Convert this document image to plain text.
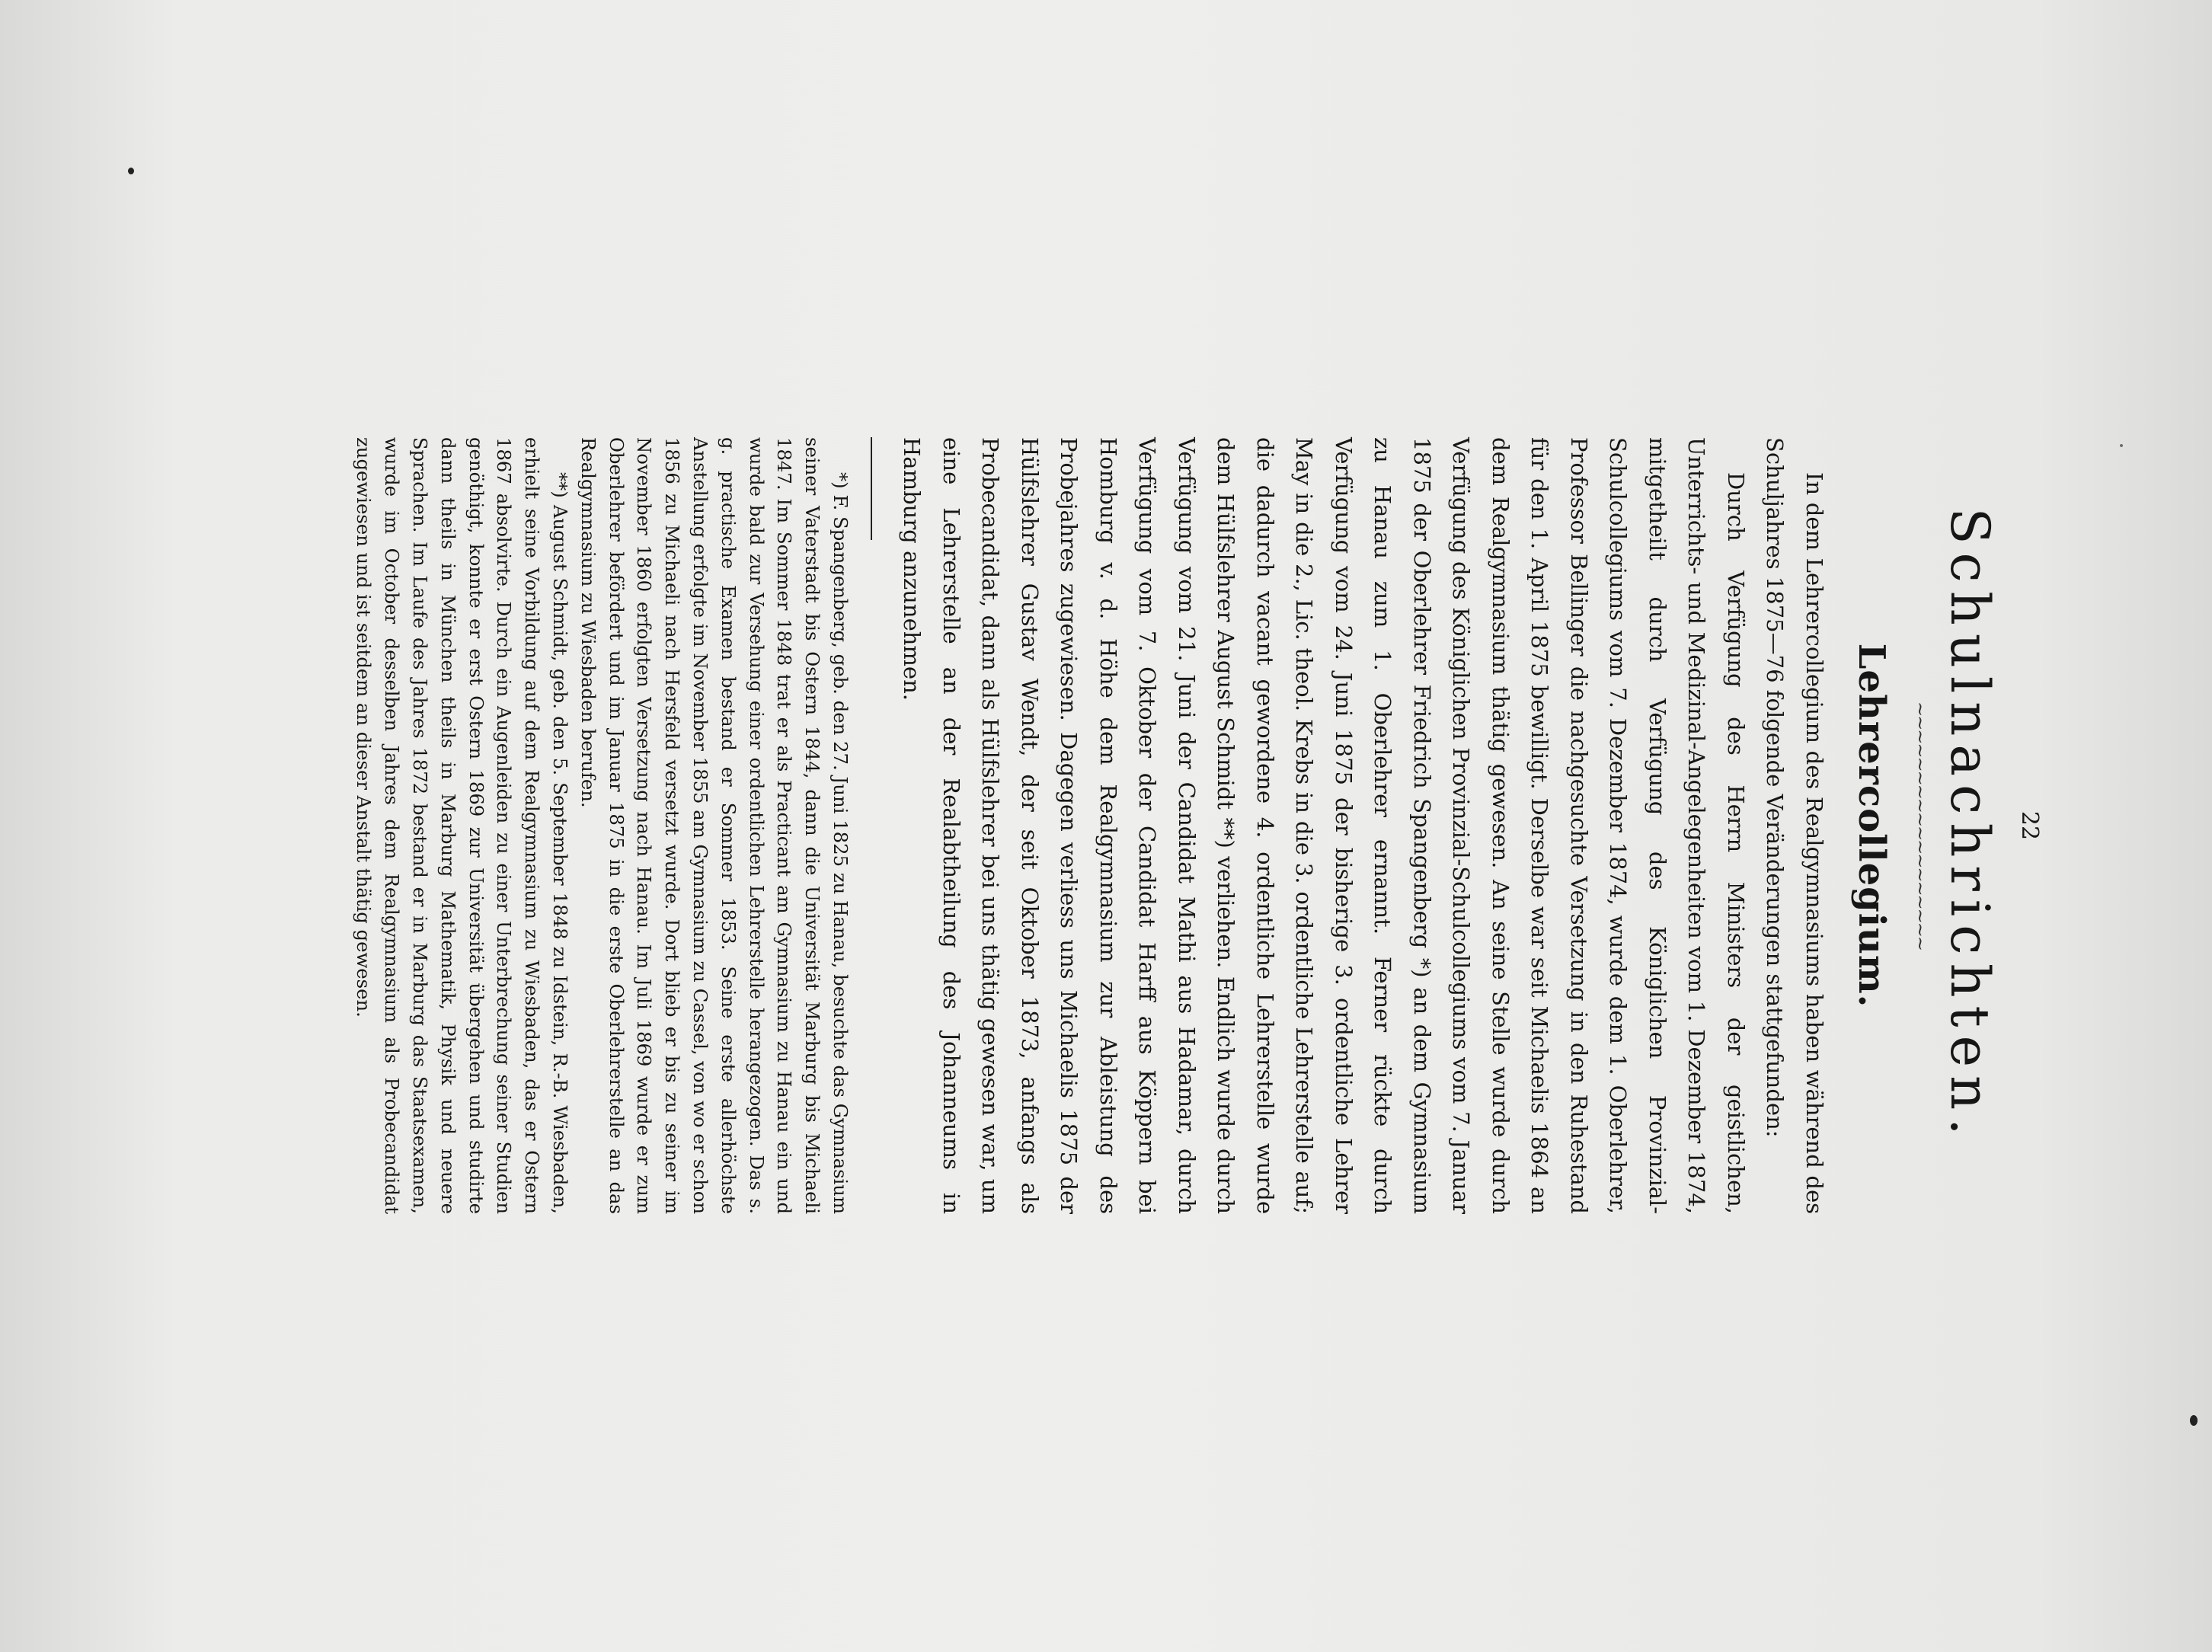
22
Schulnachrichten.
~~~~~~~~~~~~~~~~~~
Lehrercollegium.

In dem Lehrercollegium des Realgymnasiums haben während des Schuljahres 1875—76 folgende Veränderungen stattgefunden:

Durch Verfügung des Herrn Ministers der geistlichen, Unterrichts- und Medizinal-Angelegenheiten vom 1. Dezember 1874, mitgetheilt durch Verfügung des Königlichen Provinzial-Schulcollegiums vom 7. Dezember 1874, wurde dem 1. Oberlehrer, Professor Bellinger die nachgesuchte Versetzung in den Ruhestand für den 1. April 1875 bewilligt. Derselbe war seit Michaelis 1864 an dem Realgymnasium thätig gewesen. An seine Stelle wurde durch Verfügung des Königlichen Provinzial-Schulcollegiums vom 7. Januar 1875 der Oberlehrer Friedrich Spangenberg *) an dem Gymnasium zu Hanau zum 1. Oberlehrer ernannt. Ferner rückte durch Verfügung vom 24. Juni 1875 der bisherige 3. ordentliche Lehrer May in die 2., Lic. theol. Krebs in die 3. ordentliche Lehrerstelle auf; die dadurch vacant gewordene 4. ordentliche Lehrerstelle wurde dem Hülfslehrer August Schmidt **) verliehen. Endlich wurde durch Verfügung vom 21. Juni der Candidat Mathi aus Hadamar, durch Verfügung vom 7. Oktober der Candidat Harff aus Köppern bei Homburg v. d. Höhe dem Realgymnasium zur Ableistung des Probejahres zugewiesen. Dagegen verliess uns Michaelis 1875 der Hülfslehrer Gustav Wendt, der seit Oktober 1873, anfangs als Probecandidat, dann als Hülfslehrer bei uns thätig gewesen war, um eine Lehrerstelle an der Realabtheilung des Johanneums in Hamburg anzunehmen.

*) F. Spangenberg, geb. den 27. Juni 1825 zu Hanau, besuchte das Gymnasium seiner Vaterstadt bis Ostern 1844, dann die Universität Marburg bis Michaeli 1847. Im Sommer 1848 trat er als Practicant am Gymnasium zu Hanau ein und wurde bald zur Versehung einer ordentlichen Lehrerstelle herangezogen. Das s. g. practische Examen bestand er Sommer 1853. Seine erste allerhöchste Anstellung erfolgte im November 1855 am Gymnasium zu Cassel, von wo er schon 1856 zu Michaeli nach Hersfeld versetzt wurde. Dort blieb er bis zu seiner im November 1860 erfolgten Versetzung nach Hanau. Im Juli 1869 wurde er zum Oberlehrer befördert und im Januar 1875 in die erste Oberlehrerstelle an das Realgymnasium zu Wiesbaden berufen.

**) August Schmidt, geb. den 5. September 1848 zu Idstein, R.-B. Wiesbaden, erhielt seine Vorbildung auf dem Realgymnasium zu Wiesbaden, das er Ostern 1867 absolvirte. Durch ein Augenleiden zu einer Unterbrechung seiner Studien genöthigt, konnte er erst Ostern 1869 zur Universität übergehen und studirte dann theils in München theils in Marburg Mathematik, Physik und neuere Sprachen. Im Laufe des Jahres 1872 bestand er in Marburg das Staatsexamen, wurde im October desselben Jahres dem Realgymnasium als Probecandidat zugewiesen und ist seitdem an dieser Anstalt thätig gewesen.
